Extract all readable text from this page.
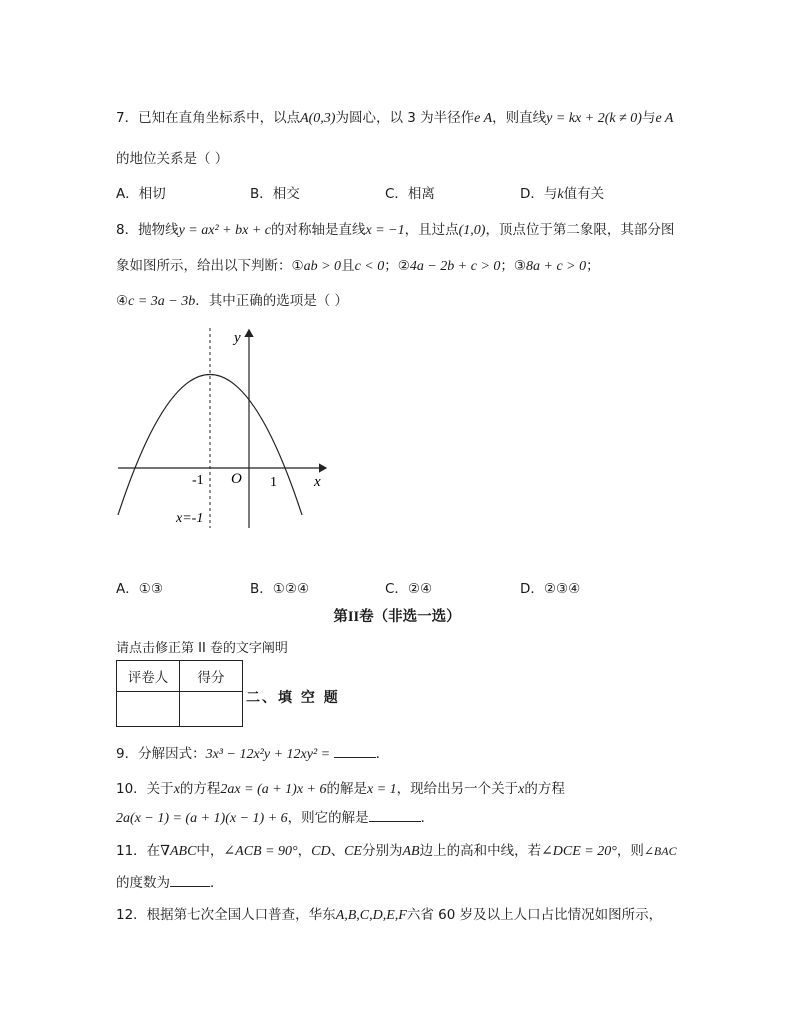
7．已知在直角坐标系中，以点A(0,3)为圆心，以 3 为半径作e A，则直线y = kx + 2(k ≠ 0)与e A
的地位关系是（ ）
A．相切	B．相交	C．相离	D．与k值有关
8．抛物线y = ax² + bx + c的对称轴是直线x = −1，且过点(1,0)，顶点位于第二象限，其部分图
象如图所示，给出以下判断：①ab > 0且c < 0；②4a − 2b + c > 0；③8a + c > 0；
④c = 3a − 3b．其中正确的选项是（ ）
y
x
O
-1	1
x=-1
A．①③	B．①②④	C．②④	D．②③④
第II卷（非选一选）
请点击修正第 II 卷的文字阐明
评卷人	得分

二、填 空 题
9．分解因式：3x³ − 12x²y + 12xy² =	．
10．关于x的方程2ax = (a + 1)x + 6的解是x = 1，现给出另一个关于x的方程
2a(x − 1) = (a + 1)(x − 1) + 6，则它的解是	．
11．在∇ABC中，∠ACB = 90°，CD、CE分别为AB边上的高和中线，若∠DCE = 20°，则∠BAC
的度数为	．
12．根据第七次全国人口普查，华东A,B,C,D,E,F六省 60 岁及以上人口占比情况如图所示，
